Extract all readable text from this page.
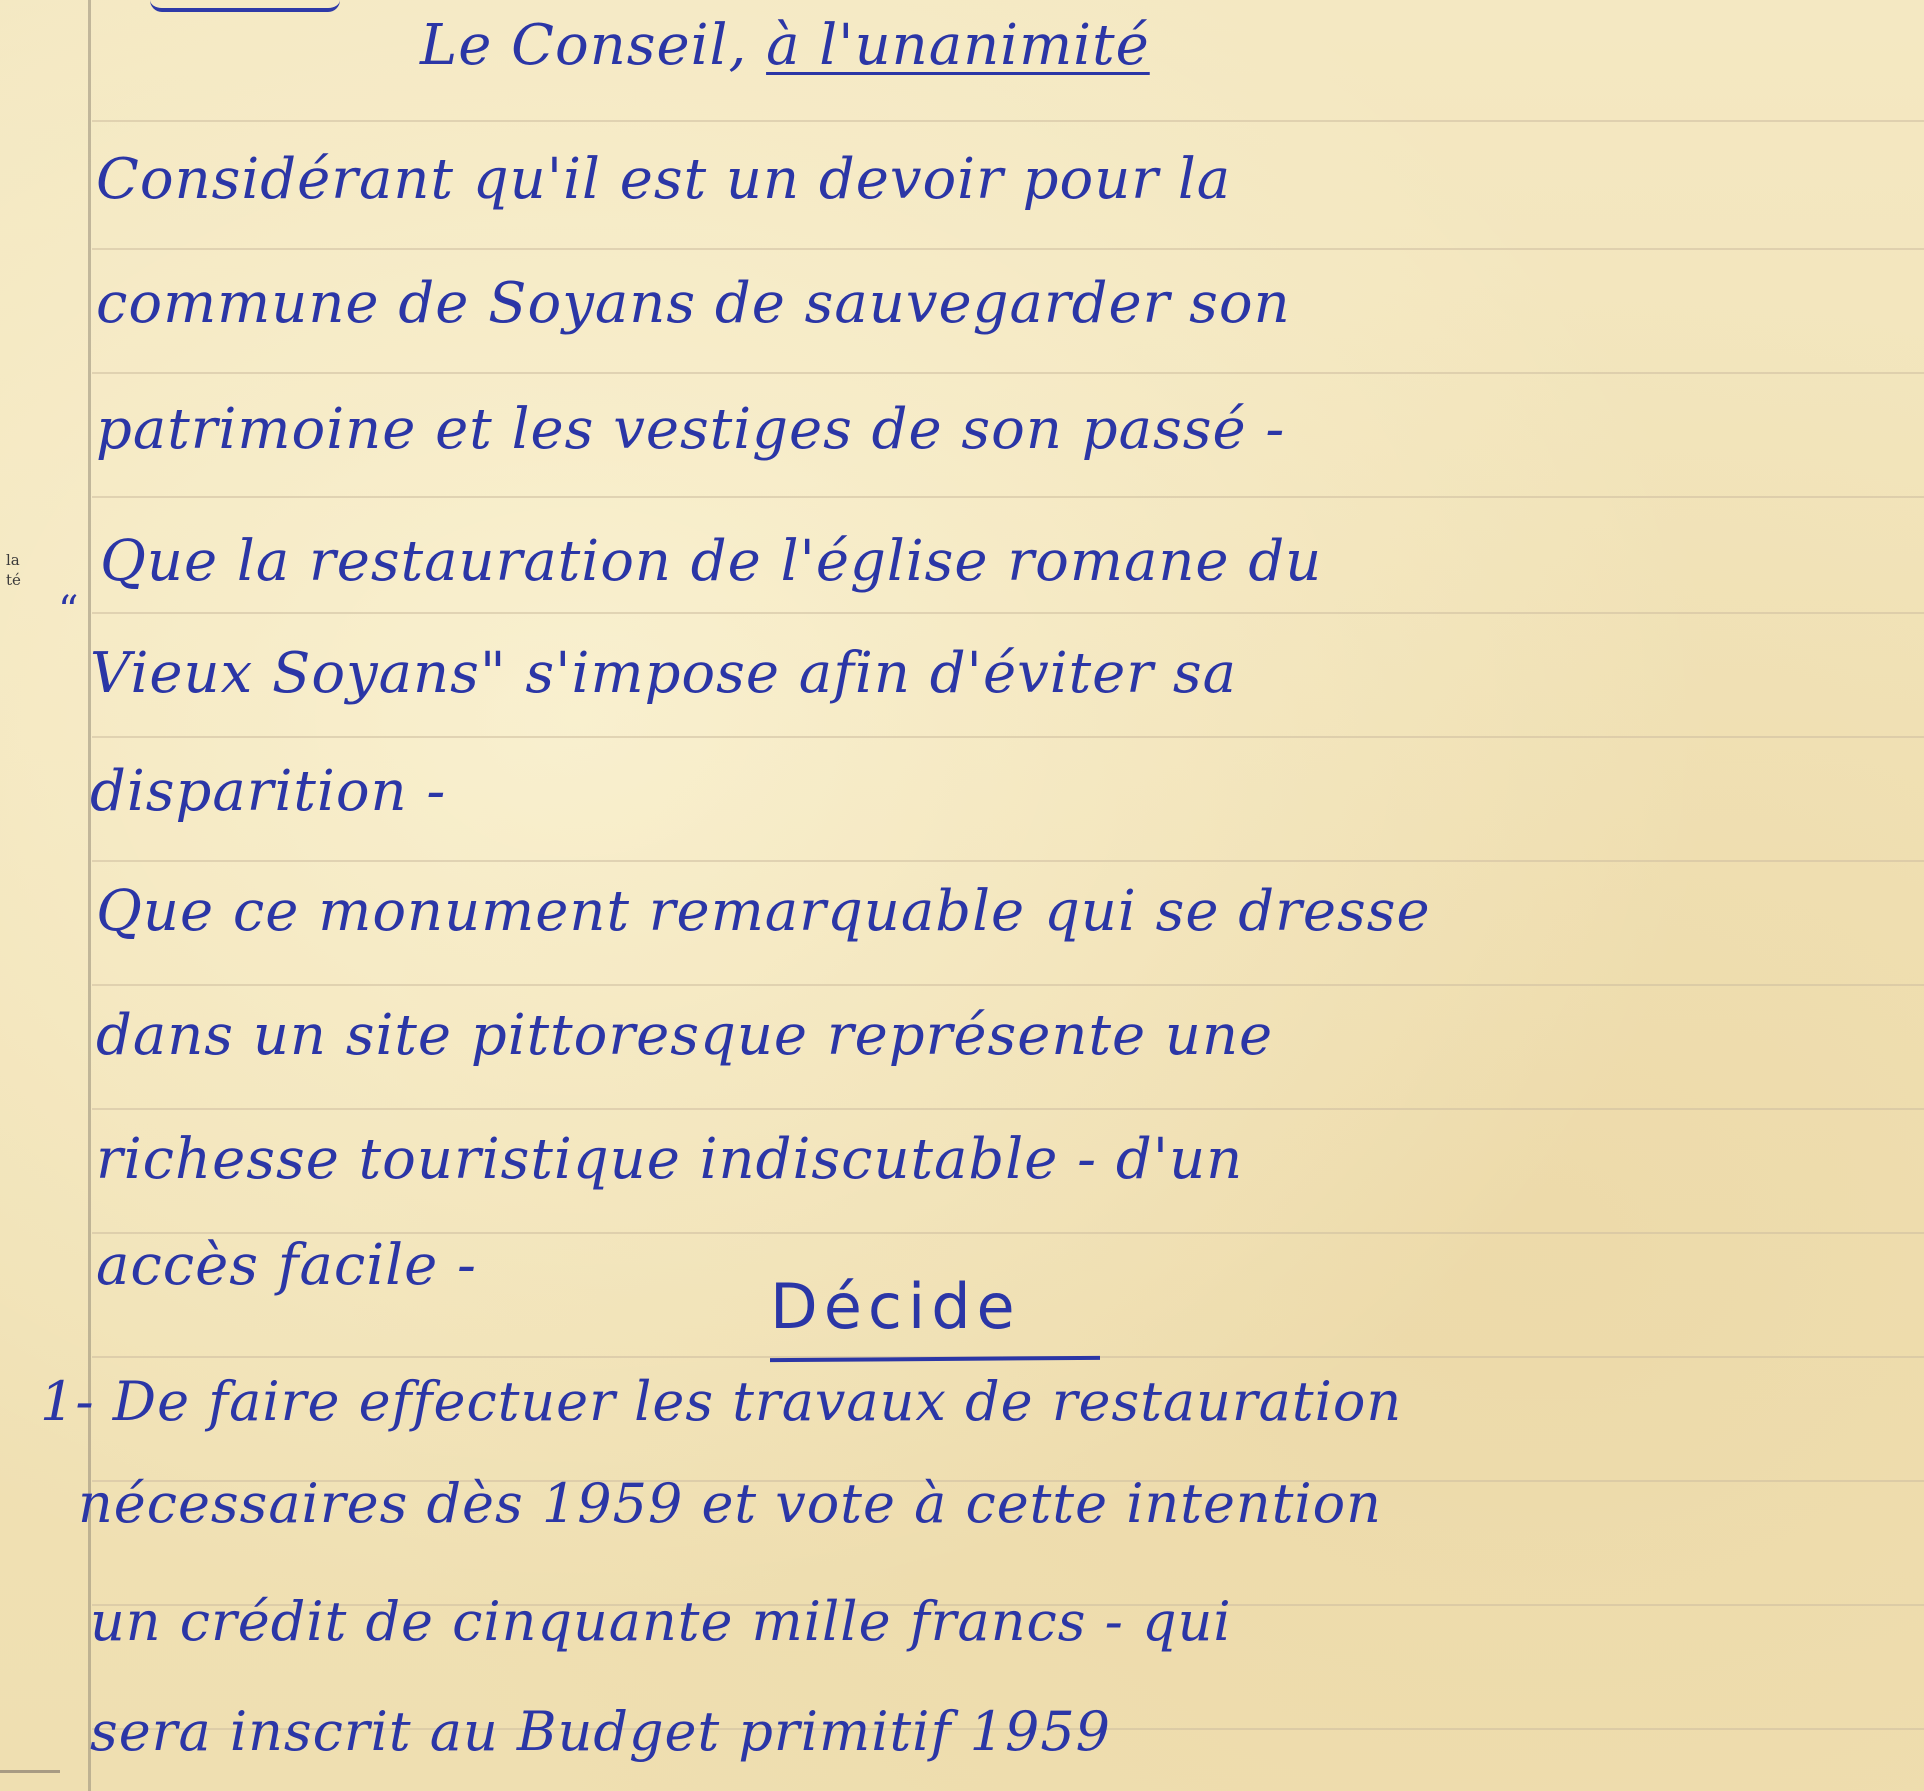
la
té
Le Conseil, à l'unanimité
Considérant qu'il est un devoir pour la
commune de Soyans de sauvegarder son
patrimoine et les vestiges de son passé -
Que la restauration de l'église romane du
“
Vieux Soyans" s'impose afin d'éviter sa
disparition -
Que ce monument remarquable qui se dresse
dans un site pittoresque représente une
richesse touristique indiscutable - d'un
accès facile -
Décide
1- De faire effectuer les travaux de restauration
nécessaires dès 1959 et vote à cette intention
un crédit de cinquante mille francs - qui
sera inscrit au Budget primitif 1959
